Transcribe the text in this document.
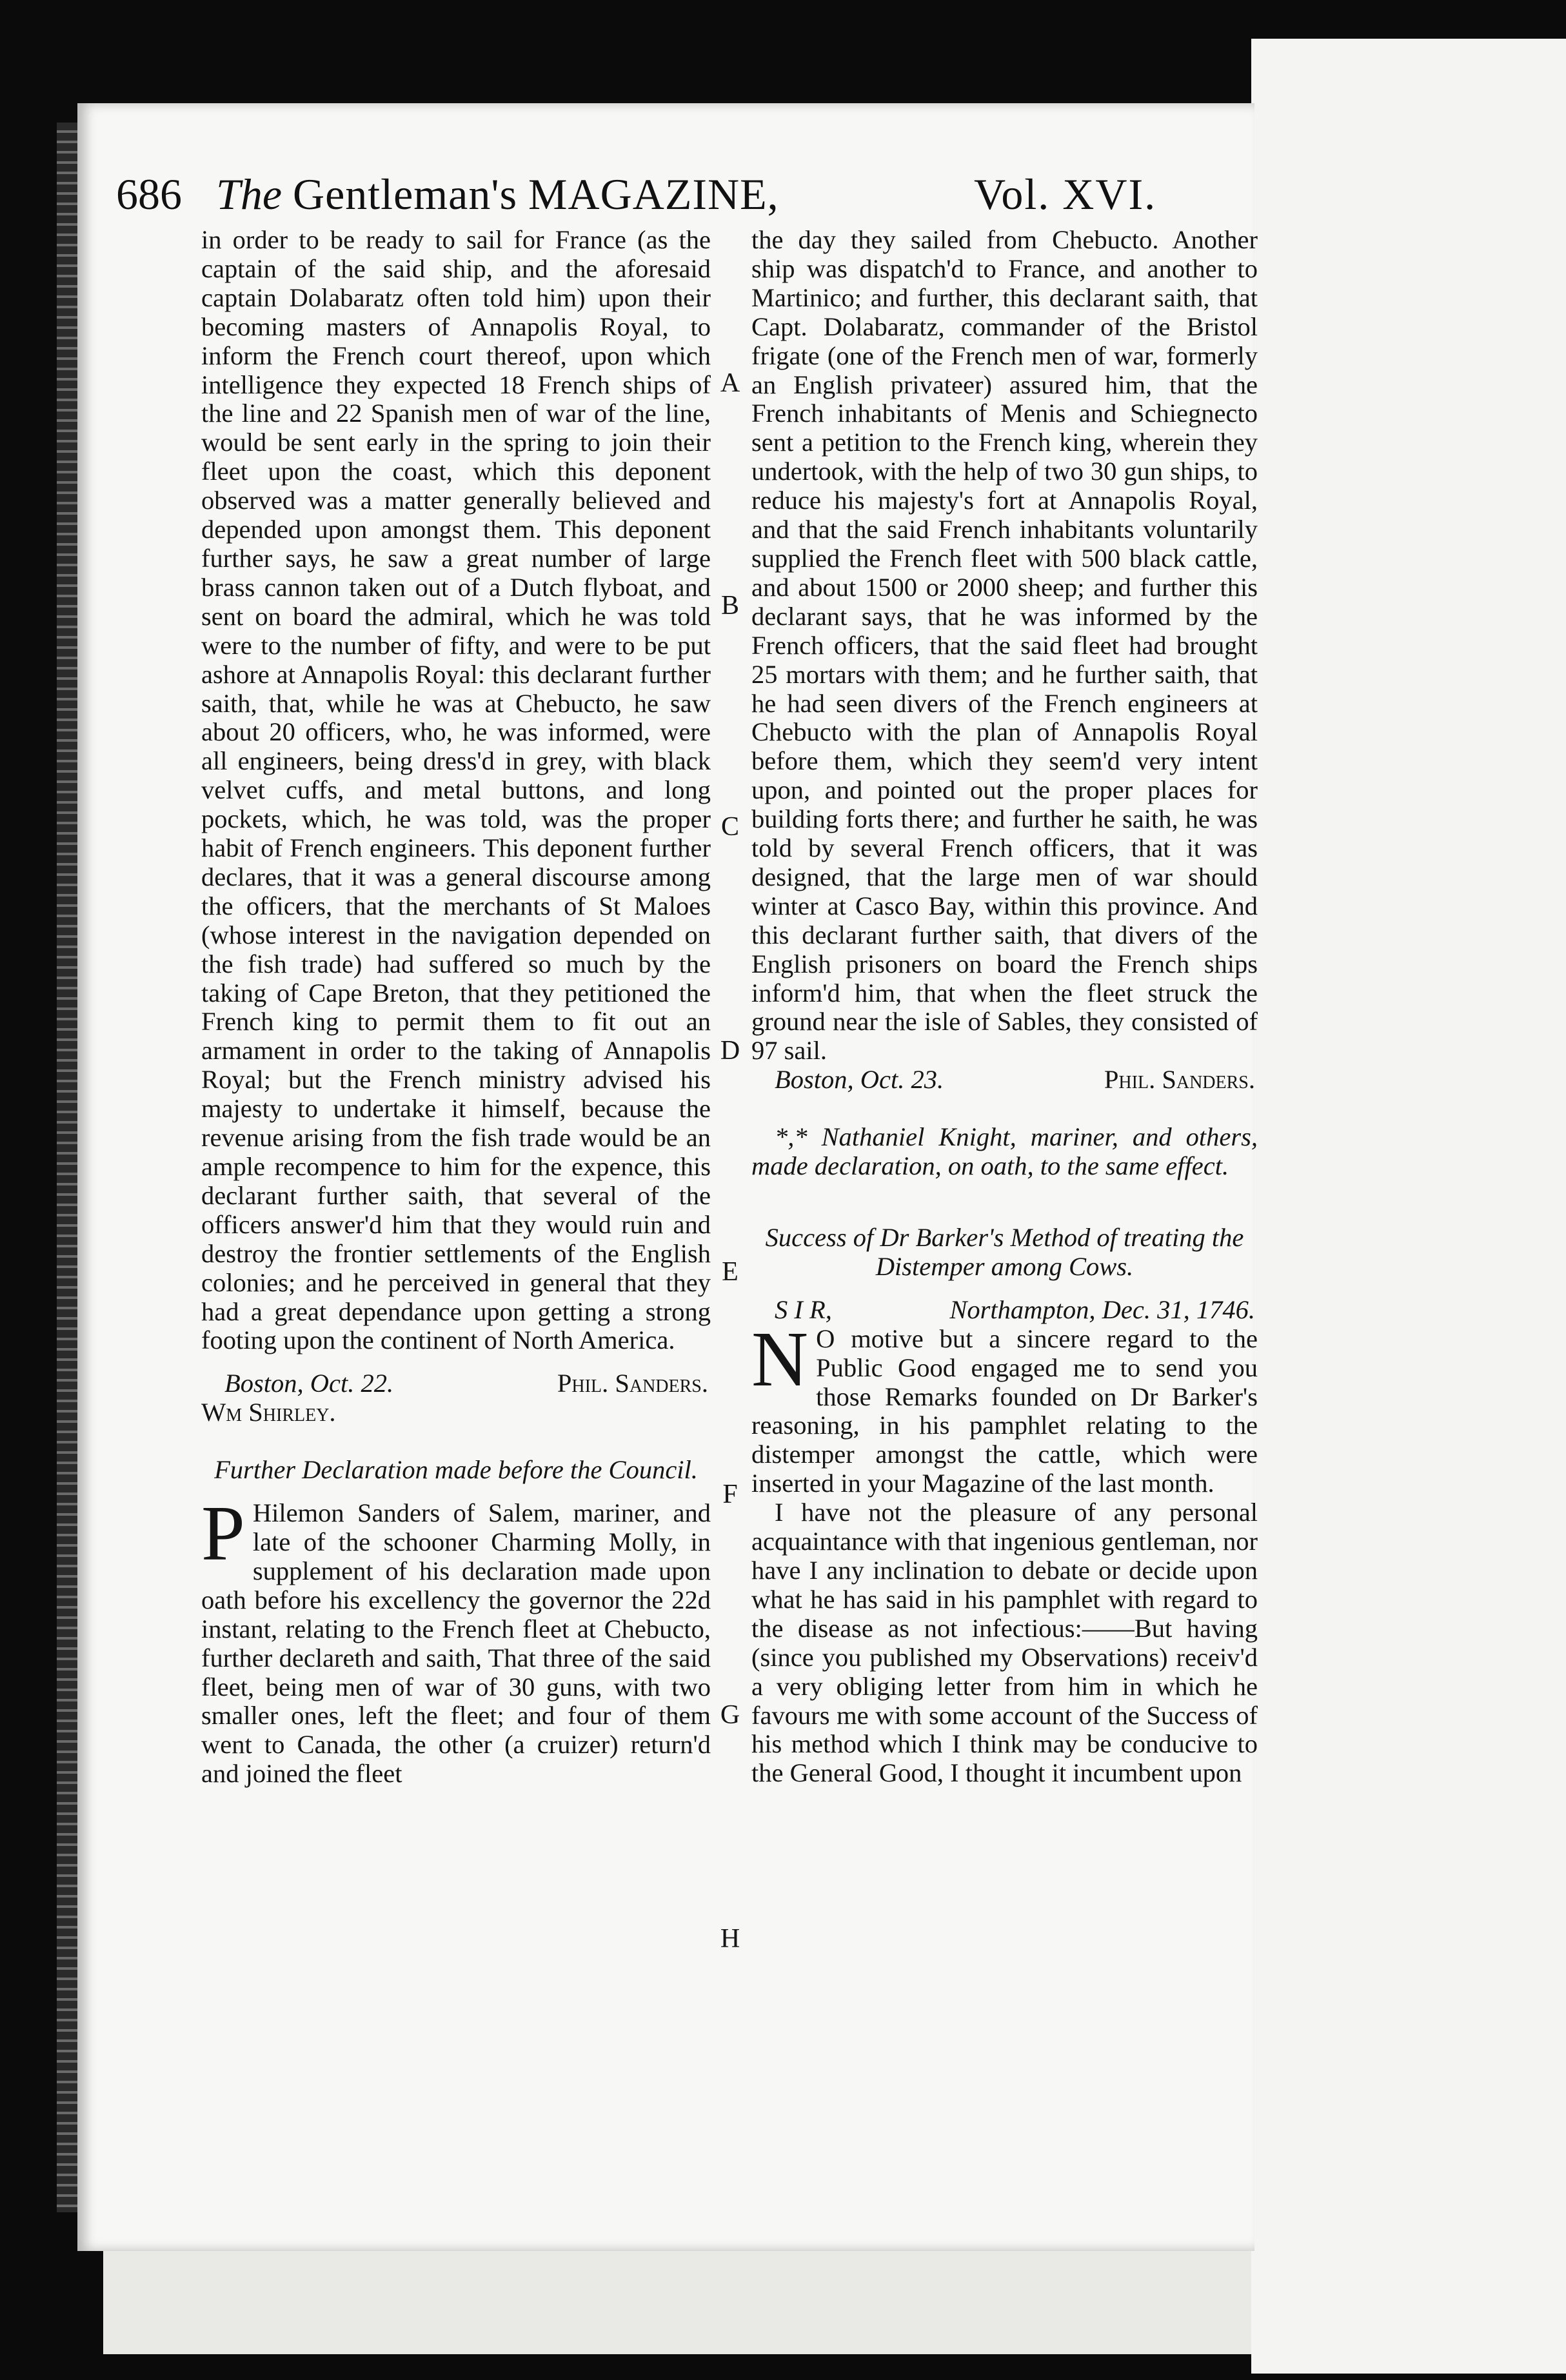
686 The Gentleman's MAGAZINE,	Vol. XVI.
A
B
C
D
E
F
G
H

in order to be ready to sail for France (as the captain of the said ship, and the aforesaid captain Dolabaratz often told him) upon their becoming masters of Annapolis Royal, to inform the French court thereof, upon which intelligence they expected 18 French ships of the line and 22 Spanish men of war of the line, would be sent early in the spring to join their fleet upon the coast, which this deponent observed was a matter generally believed and depended upon amongst them. This deponent further says, he saw a great number of large brass cannon taken out of a Dutch flyboat, and sent on board the admiral, which he was told were to the number of fifty, and were to be put ashore at Annapolis Royal: this declarant further saith, that, while he was at Chebucto, he saw about 20 officers, who, he was informed, were all engineers, being dress'd in grey, with black velvet cuffs, and metal buttons, and long pockets, which, he was told, was the proper habit of French engineers. This deponent further declares, that it was a general discourse among the officers, that the merchants of St Maloes (whose interest in the navigation depended on the fish trade) had suffered so much by the taking of Cape Breton, that they petitioned the French king to permit them to fit out an armament in order to the taking of Annapolis Royal; but the French ministry advised his majesty to undertake it himself, because the revenue arising from the fish trade would be an ample recompence to him for the expence, this declarant further saith, that several of the officers answer'd him that they would ruin and destroy the frontier settlements of the English colonies; and he perceived in general that they had a great dependance upon getting a strong footing upon the continent of North America.

Boston, Oct. 22.	Phil. Sanders.

Wm Shirley.

Further Declaration made before the Council.

P Hilemon Sanders of Salem, mariner, and late of the schooner Charming Molly, in supplement of his declaration made upon oath before his excellency the governor the 22d instant, relating to the French fleet at Chebucto, further declareth and saith, That three of the said fleet, being men of war of 30 guns, with two smaller ones, left the fleet; and four of them went to Canada, the other (a cruizer) return'd and joined the fleet

the day they sailed from Chebucto. Another ship was dispatch'd to France, and another to Martinico; and further, this declarant saith, that Capt. Dolabaratz, commander of the Bristol frigate (one of the French men of war, formerly an English privateer) assured him, that the French inhabitants of Menis and Schiegnecto sent a petition to the French king, wherein they undertook, with the help of two 30 gun ships, to reduce his majesty's fort at Annapolis Royal, and that the said French inhabitants voluntarily supplied the French fleet with 500 black cattle, and about 1500 or 2000 sheep; and further this declarant says, that he was informed by the French officers, that the said fleet had brought 25 mortars with them; and he further saith, that he had seen divers of the French engineers at Chebucto with the plan of Annapolis Royal before them, which they seem'd very intent upon, and pointed out the proper places for building forts there; and further he saith, he was told by several French officers, that it was designed, that the large men of war should winter at Casco Bay, within this province. And this declarant further saith, that divers of the English prisoners on board the French ships inform'd him, that when the fleet struck the ground near the isle of Sables, they consisted of 97 sail.

Boston, Oct. 23.	Phil. Sanders.

*,* Nathaniel Knight, mariner, and others, made declaration, on oath, to the same effect.

Success of Dr Barker's Method of treating the Distemper among Cows.

S I R,	Northampton, Dec. 31, 1746.

N O motive but a sincere regard to the Public Good engaged me to send you those Remarks founded on Dr Barker's reasoning, in his pamphlet relating to the distemper amongst the cattle, which were inserted in your Magazine of the last month.

I have not the pleasure of any personal acquaintance with that ingenious gentleman, nor have I any inclination to debate or decide upon what he has said in his pamphlet with regard to the disease as not infectious:——But having (since you published my Observations) receiv'd a very obliging letter from him in which he favours me with some account of the Success of his method which I think may be conducive to the General Good, I thought it incumbent upon
